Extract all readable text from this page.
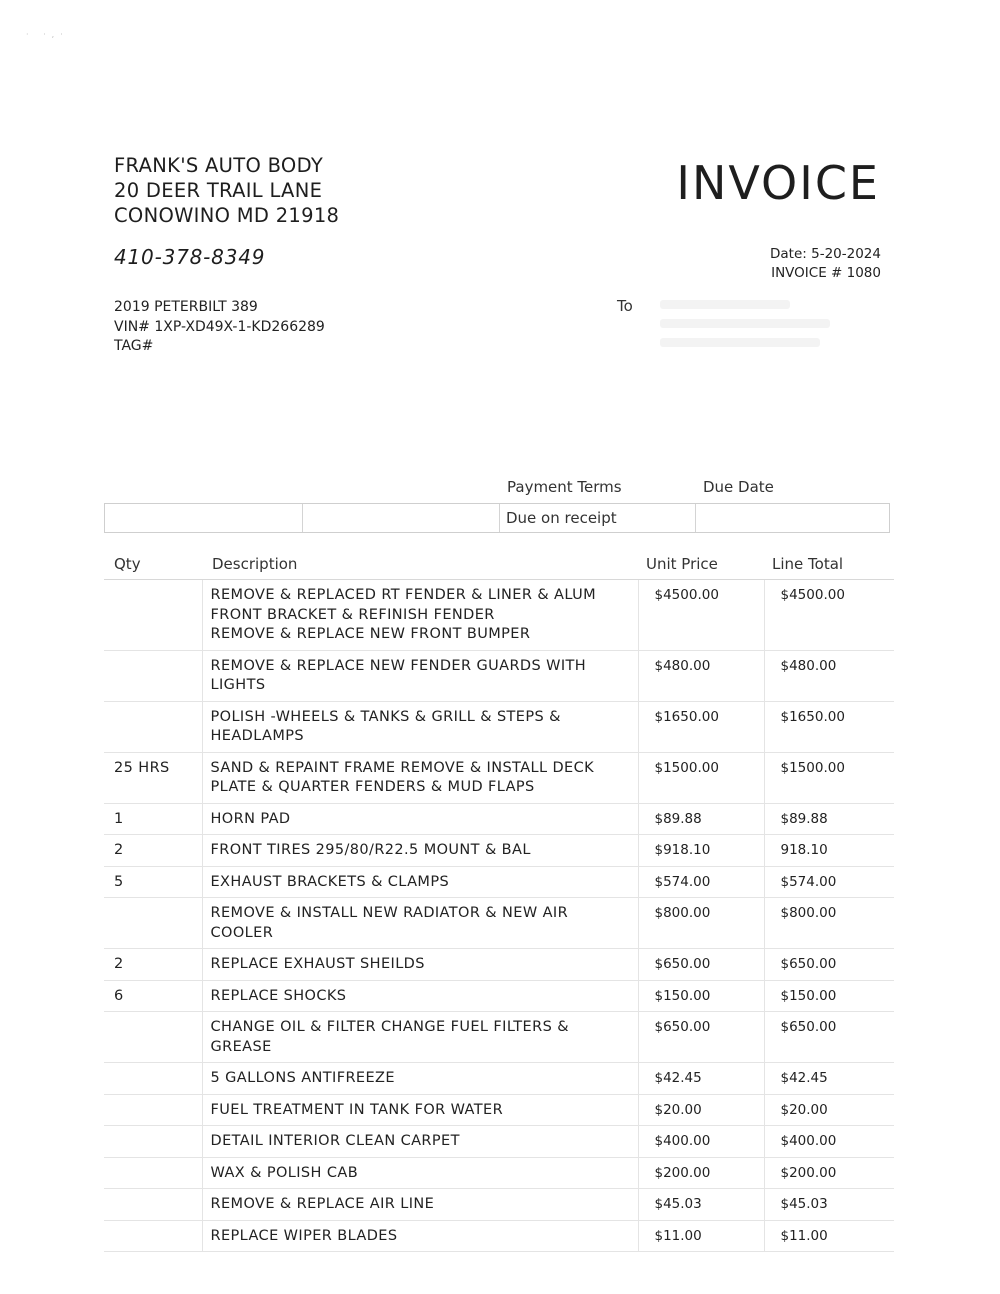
· ·,·
FRANK'S AUTO BODY
20 DEER TRAIL LANE
CONOWINO MD 21918
410-378-8349
INVOICE
Date: 5-20-2024
INVOICE # 1080
2019 PETERBILT 389
VIN# 1XP-XD49X-1-KD266289
TAG#
To
Payment Terms	Due Date
Due on receipt
Qty	Description	Unit Price	Line Total
	REMOVE & REPLACED RT FENDER & LINER & ALUM
FRONT BRACKET & REFINISH FENDER
REMOVE & REPLACE NEW FRONT BUMPER	$4500.00	$4500.00
	REMOVE & REPLACE NEW FENDER GUARDS WITH LIGHTS	$480.00	$480.00
	POLISH -WHEELS & TANKS & GRILL & STEPS &
HEADLAMPS	$1650.00	$1650.00
25 HRS	SAND & REPAINT FRAME REMOVE & INSTALL DECK
PLATE & QUARTER FENDERS & MUD FLAPS	$1500.00	$1500.00
1	HORN PAD	$89.88	$89.88
2	FRONT TIRES 295/80/R22.5 MOUNT & BAL	$918.10	918.10
5	EXHAUST BRACKETS & CLAMPS	$574.00	$574.00
	REMOVE & INSTALL NEW RADIATOR & NEW AIR COOLER	$800.00	$800.00
2	REPLACE EXHAUST SHEILDS	$650.00	$650.00
6	REPLACE SHOCKS	$150.00	$150.00
	CHANGE OIL & FILTER CHANGE FUEL FILTERS & GREASE	$650.00	$650.00
	5 GALLONS ANTIFREEZE	$42.45	$42.45
	FUEL TREATMENT IN TANK FOR WATER	$20.00	$20.00
	DETAIL INTERIOR CLEAN CARPET	$400.00	$400.00
	WAX & POLISH CAB	$200.00	$200.00
	REMOVE & REPLACE AIR LINE	$45.03	$45.03
	REPLACE WIPER BLADES	$11.00	$11.00
